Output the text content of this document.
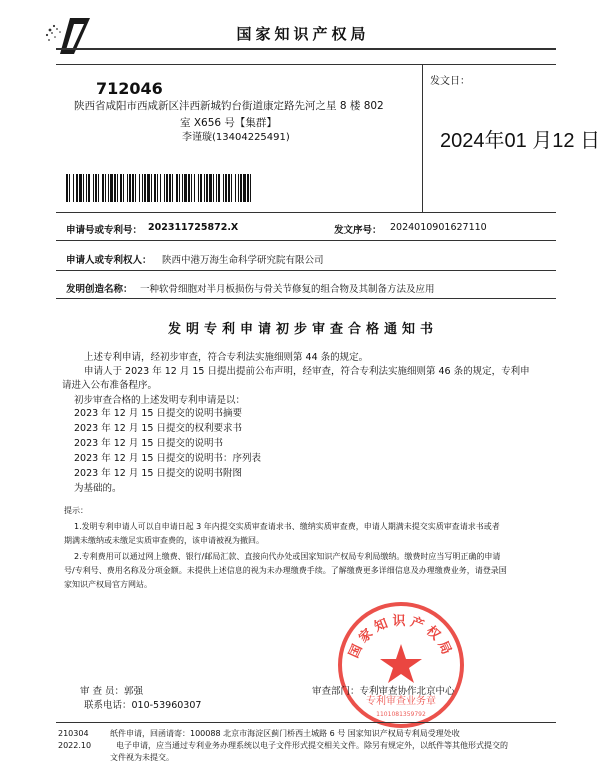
国家知识产权局
712046
陕西省咸阳市西咸新区沣西新城钓台街道康定路先河之星 8 楼 802
室 X656 号【集群】
李谨璇(13404225491)
发文日：
2024年01 月12 日
申请号或专利号： 202311725872.X	发文序号： 2024010901627110
申请人或专利权人： 陕西中港万海生命科学研究院有限公司
发明创造名称： 一种软骨细胞对半月板损伤与骨关节修复的组合物及其制备方法及应用
发明专利申请初步审查合格通知书
上述专利申请，经初步审查，符合专利法实施细则第 44 条的规定。
申请人于 2023 年 12 月 15 日提出提前公布声明，经审查，符合专利法实施细则第 46 条的规定，专利申
请进入公布准备程序。
初步审查合格的上述发明专利申请是以：
2023 年 12 月 15 日提交的说明书摘要
2023 年 12 月 15 日提交的权利要求书
2023 年 12 月 15 日提交的说明书
2023 年 12 月 15 日提交的说明书：序列表
2023 年 12 月 15 日提交的说明书附图
为基础的。
提示：
1.发明专利申请人可以自申请日起 3 年内提交实质审查请求书、缴纳实质审查费，申请人期满未提交实质审查请求书或者
期满未缴纳或未缴足实质审查费的，该申请被视为撤回。
2.专利费用可以通过网上缴费、银行/邮局汇款、直接向代办处或国家知识产权局专利局缴纳。缴费时应当写明正确的申请
号/专利号、费用名称及分项金额。未提供上述信息的视为未办理缴费手续。了解缴费更多详细信息及办理缴费业务，请登录国
家知识产权局官方网站。
国家知识产权局
专利审查业务章
1101081359792
审 查 员：郭强
联系电话：010-53960307
审查部门：专利审查协作北京中心
210304
2022.10
纸件申请，回函请寄：100088 北京市海淀区蓟门桥西土城路 6 号 国家知识产权局专利局受理处收
电子申请，应当通过专利业务办理系统以电子文件形式提交相关文件。除另有规定外，以纸件等其他形式提交的
文件视为未提交。
